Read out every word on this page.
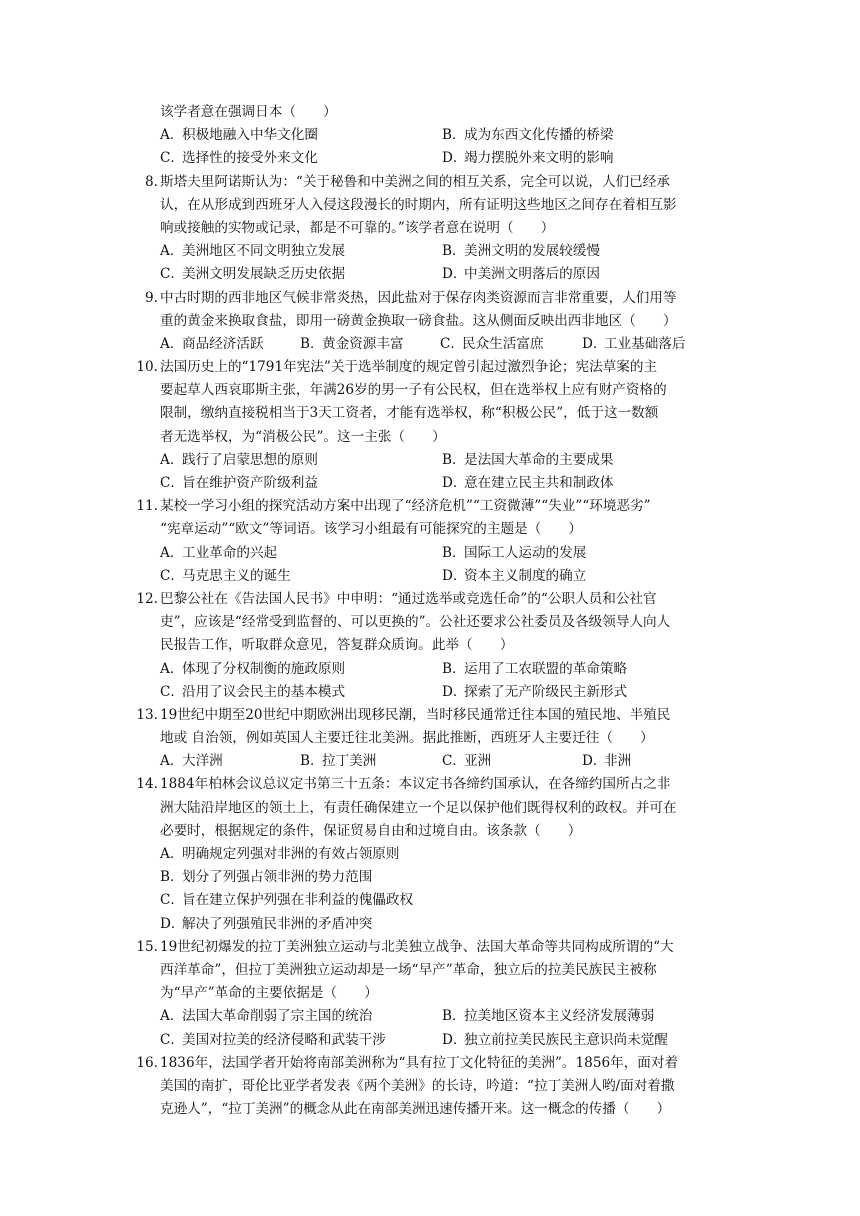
该学者意在强调日本（　　）
A．积极地融入中华文化圈	B．成为东西文化传播的桥梁
C．选择性的接受外来文化	D．竭力摆脱外来文明的影响
8. 斯塔夫里阿诺斯认为：“关于秘鲁和中美洲之间的相互关系，完全可以说，人们已经承
认，在从形成到西班牙人入侵这段漫长的时期内，所有证明这些地区之间存在着相互影
响或接触的实物或记录，都是不可靠的。”该学者意在说明（　　）
A．美洲地区不同文明独立发展	B．美洲文明的发展较缓慢
C．美洲文明发展缺乏历史依据	D．中美洲文明落后的原因
9. 中古时期的西非地区气候非常炎热，因此盐对于保存肉类资源而言非常重要，人们用等
重的黄金来换取食盐，即用一磅黄金换取一磅食盐。这从侧面反映出西非地区（　　）
A．商品经济活跃	B．黄金资源丰富	C．民众生活富庶	D．工业基础落后
10. 法国历史上的“1791年宪法”关于选举制度的规定曾引起过激烈争论；宪法草案的主
要起草人西哀耶斯主张，年满26岁的男一子有公民权，但在选举权上应有财产资格的
限制，缴纳直接税相当于3天工资者，才能有选举权，称“积极公民”，低于这一数额
者无选举权，为“消极公民”。这一主张（　　）
A．践行了启蒙思想的原则	B．是法国大革命的主要成果
C．旨在维护资产阶级利益	D．意在建立民主共和制政体
11. 某校一学习小组的探究活动方案中出现了“经济危机”“工资微薄”“失业”“环境恶劣”
“宪章运动”“欧文”等词语。该学习小组最有可能探究的主题是（　　）
A．工业革命的兴起	B．国际工人运动的发展
C．马克思主义的诞生	D．资本主义制度的确立
12. 巴黎公社在《告法国人民书》中申明：“通过选举或竞选任命”的“公职人员和公社官
吏”，应该是“经常受到监督的、可以更换的”。公社还要求公社委员及各级领导人向人
民报告工作，听取群众意见，答复群众质询。此举（　　）
A．体现了分权制衡的施政原则	B．运用了工农联盟的革命策略
C．沿用了议会民主的基本模式	D．探索了无产阶级民主新形式
13. 19世纪中期至20世纪中期欧洲出现移民潮，当时移民通常迁往本国的殖民地、半殖民
地或 自治领，例如英国人主要迁往北美洲。据此推断，西班牙人主要迁往（　　）
A．大洋洲	B．拉丁美洲	C．亚洲	D．非洲
14. 1884年柏林会议总议定书第三十五条：本议定书各缔约国承认，在各缔约国所占之非
洲大陆沿岸地区的领土上，有责任确保建立一个足以保护他们既得权利的政权。并可在
必要时，根据规定的条件，保证贸易自由和过境自由。该条款（　　）
A．明确规定列强对非洲的有效占领原则
B．划分了列强占领非洲的势力范围
C．旨在建立保护列强在非利益的傀儡政权
D．解决了列强殖民非洲的矛盾冲突
15. 19世纪初爆发的拉丁美洲独立运动与北美独立战争、法国大革命等共同构成所谓的“大
西洋革命”，但拉丁美洲独立运动却是一场“早产”革命，独立后的拉美民族民主被称
为“早产”革命的主要依据是（　　）
A．法国大革命削弱了宗主国的统治	B．拉美地区资本主义经济发展薄弱
C．美国对拉美的经济侵略和武装干涉	D．独立前拉美民族民主意识尚未觉醒
16. 1836年，法国学者开始将南部美洲称为“具有拉丁文化特征的美洲”。1856年，面对着
美国的南扩，哥伦比亚学者发表《两个美洲》的长诗，吟道：“拉丁美洲人哟/面对着撒
克逊人”，“拉丁美洲”的概念从此在南部美洲迅速传播开来。这一概念的传播（　　）
